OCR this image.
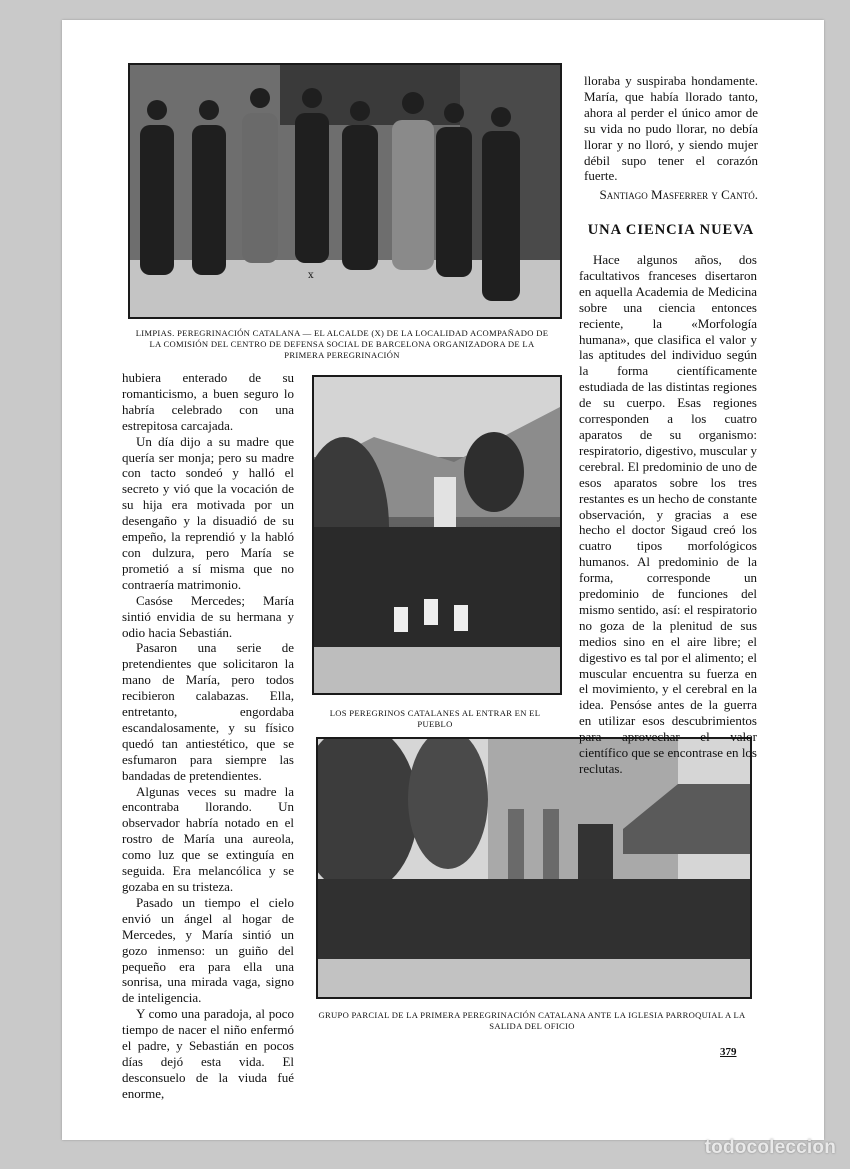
x
LIMPIAS. PEREGRINACIÓN CATALANA — EL ALCALDE (X) DE LA LOCALIDAD ACOMPAÑADO DE LA COMISIÓN DEL CENTRO DE DEFENSA SOCIAL DE BARCELONA ORGANIZADORA DE LA PRIMERA PEREGRINACIÓN
LOS PEREGRINOS CATALANES AL ENTRAR EN EL PUEBLO
GRUPO PARCIAL DE LA PRIMERA PEREGRINACIÓN CATALANA ANTE LA IGLESIA PARROQUIAL A LA SALIDA DEL OFICIO

hubiera enterado de su romanticismo, a buen seguro lo habría celebrado con una estrepitosa carcajada.

Un día dijo a su madre que quería ser monja; pero su madre con tacto sondeó y halló el secreto y vió que la vocación de su hija era motivada por un desengaño y la disuadió de su empeño, la reprendió y la habló con dulzura, pero María se prometió a sí misma que no contraería matrimonio.

Casóse Mercedes; María sintió envidia de su hermana y odio hacia Sebastián.

Pasaron una serie de pretendientes que solicitaron la mano de María, pero todos recibieron calabazas. Ella, entretanto, engordaba escandalosamente, y su físico quedó tan antiestético, que se esfumaron para siempre las bandadas de pretendientes.

Algunas veces su madre la encontraba llorando. Un observador habría notado en el rostro de María una aureola, como luz que se extinguía en seguida. Era melancólica y se gozaba en su tristeza.

Pasado un tiempo el cielo envió un ángel al hogar de Mercedes, y María sintió un gozo inmenso: un guiño del pequeño era para ella una sonrisa, una mirada vaga, signo de inteligencia.

Y como una paradoja, al poco tiempo de nacer el niño enfermó el padre, y Sebastián en pocos días dejó esta vida. El desconsuelo de la viuda fué enorme,

lloraba y suspiraba hondamente. María, que había llorado tanto, ahora al perder el único amor de su vida no pudo llorar, no debía llorar y no lloró, y siendo mujer débil supo tener el corazón fuerte.

Santiago Masferrer y Cantó.

UNA CIENCIA NUEVA

Hace algunos años, dos facultativos franceses disertaron en aquella Academia de Medicina sobre una ciencia entonces reciente, la «Morfología humana», que clasifica el valor y las aptitudes del individuo según la forma científicamente estudiada de las distintas regiones de su cuerpo. Esas regiones corresponden a los cuatro aparatos de su organismo: respiratorio, digestivo, muscular y cerebral. El predominio de uno de esos aparatos sobre los tres restantes es un hecho de constante observación, y gracias a ese hecho el doctor Sigaud creó los cuatro tipos morfológicos humanos. Al predominio de la forma, corresponde un predominio de funciones del mismo sentido, así: el respiratorio no goza de la plenitud de sus medios sino en el aire libre; el digestivo es tal por el alimento; el muscular encuentra su fuerza en el movimiento, y el cerebral en la idea. Pensóse antes de la guerra en utilizar esos descubrimientos para aprovechar el valor científico que se encontrase en los reclutas.

379
todocoleccion
